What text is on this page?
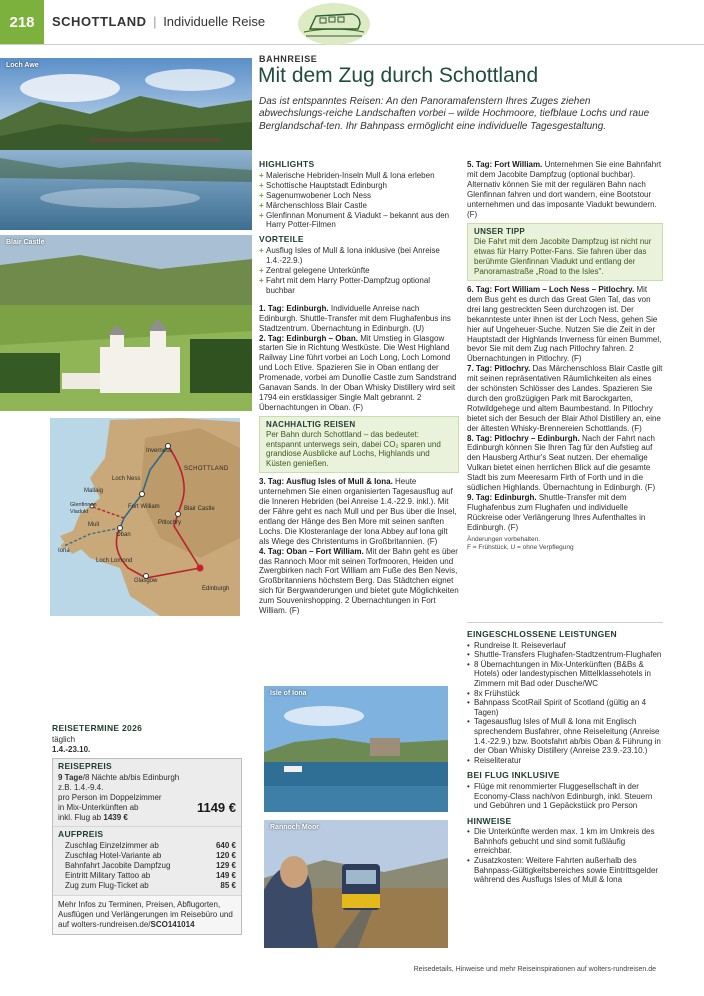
218	SCHOTTLAND | Individuelle Reise
Loch Awe
Blair Castle
Inverness
SCHOTTLAND
Loch Ness
Mallaig
Glenfinnan Viadukt
Fort William	Blair Castle
Pitlochry
Mull
Iona
Oban
Loch Lomond
Glasgow
Edinburgh
BAHNREISE
Mit dem Zug durch Schottland
Das ist entspanntes Reisen: An den Panoramafenstern Ihres Zuges ziehen abwechslungs-reiche Landschaften vorbei – wilde Hochmoore, tiefblaue Lochs und raue Berglandschaf-ten. Ihr Bahnpass ermöglicht eine individuelle Tagesgestaltung.
HIGHLIGHTS
+ Malerische Hebriden-Inseln Mull & Iona erleben
+ Schottische Hauptstadt Edinburgh
+ Sagenumwobener Loch Ness
+ Märchenschloss Blair Castle
+ Glenfinnan Monument & Viadukt – bekannt aus den Harry Potter-Filmen
VORTEILE
+ Ausflug Isles of Mull & Iona inklusive (bei Anreise 1.4.-22.9.)
+ Zentral gelegene Unterkünfte
+ Fahrt mit dem Harry Potter-Dampfzug optional buchbar

1. Tag: Edinburgh. Individuelle Anreise nach Edinburgh. Shuttle-Transfer mit dem Flughafenbus ins Stadtzentrum. Übernachtung in Edinburgh. (U)

2. Tag: Edinburgh – Oban. Mit Umstieg in Glasgow starten Sie in Richtung Westküste. Die West Highland Railway Line führt vorbei an Loch Long, Loch Lomond und Loch Etive. Spazieren Sie in Oban entlang der Promenade, vorbei am Dunollie Castle zum Sandstrand Ganavan Sands. In der Oban Whisky Distillery wird seit 1794 ein erstklassiger Single Malt gebrannt. 2 Übernachtungen in Oban. (F)

NACHHALTIG REISEN

Per Bahn durch Schottland – das bedeutet: entspannt unterwegs sein, dabei CO₂ sparen und grandiose Ausblicke auf Lochs, Highlands und Küsten genießen.

3. Tag: Ausflug Isles of Mull & Iona. Heute unternehmen Sie einen organisierten Tagesausflug auf die Inneren Hebriden (bei Anreise 1.4.-22.9. inkl.). Mit der Fähre geht es nach Mull und per Bus über die Insel, entlang der Hänge des Ben More mit seinen sanften Lochs. Die Klosteranlage der Iona Abbey auf Iona gilt als Wiege des Christentums in Großbritannien. (F)

4. Tag: Oban – Fort William. Mit der Bahn geht es über das Rannoch Moor mit seinen Torfmooren, Heiden und Zwergbirken nach Fort William am Fuße des Ben Nevis, Großbritanniens höchstem Berg. Das Städtchen eignet sich für Bergwanderungen und bietet gute Möglichkeiten zum Souvenirshopping. 2 Übernachtungen in Fort William. (F)

5. Tag: Fort William. Unternehmen Sie eine Bahnfahrt mit dem Jacobite Dampfzug (optional buchbar). Alternativ können Sie mit der regulären Bahn nach Glenfinnan fahren und dort wandern, eine Bootstour unternehmen und das imposante Viadukt bewundern. (F)

UNSER TIPP

Die Fahrt mit dem Jacobite Dampfzug ist nicht nur etwas für Harry Potter-Fans. Sie fahren über das berühmte Glenfinnan Viadukt und entlang der Panoramastraße „Road to the Isles".

6. Tag: Fort William – Loch Ness – Pitlochry. Mit dem Bus geht es durch das Great Glen Tal, das von drei lang gestreckten Seen durchzogen ist. Der bekannteste unter ihnen ist der Loch Ness, gehen Sie hier auf Ungeheuer-Suche. Nutzen Sie die Zeit in der Hauptstadt der Highlands Inverness für einen Bummel, bevor Sie mit dem Zug nach Pitlochry fahren. 2 Übernachtungen in Pitlochry. (F)

7. Tag: Pitlochry. Das Märchenschloss Blair Castle gilt mit seinen repräsentativen Räumlichkeiten als eines der schönsten Schlösser des Landes. Spazieren Sie durch den großzügigen Park mit Barockgarten, Rotwildgehege und altem Baumbestand. In Pitlochry bietet sich der Besuch der Blair Athol Distillery an, eine der ältesten Whisky-Brennereien Schottlands. (F)

8. Tag: Pitlochry – Edinburgh. Nach der Fahrt nach Edinburgh können Sie Ihren Tag für den Aufstieg auf den Hausberg Arthur's Seat nutzen. Der ehemalige Vulkan bietet einen herrlichen Blick auf die gesamte Stadt bis zum Meeresarm Firth of Forth und in die südlichen Highlands. Übernachtung in Edinburgh. (F)

9. Tag: Edinburgh. Shuttle-Transfer mit dem Flughafenbus zum Flughafen und individuelle Rückreise oder Verlängerung Ihres Aufenthaltes in Edinburgh. (F)

Änderungen vorbehalten.
F = Frühstück, U = ohne Verpflegung
EINGESCHLOSSENE LEISTUNGEN
• Rundreise lt. Reiseverlauf
• Shuttle-Transfers Flughafen-Stadtzentrum-Flughafen
• 8 Übernachtungen in Mix-Unterkünften (B&Bs & Hotels) oder landestypischen Mittelklassehotels in Zimmern mit Bad oder Dusche/WC
• 8x Frühstück
• Bahnpass ScotRail Spirit of Scotland (gültig an 4 Tagen)
• Tagesausflug Isles of Mull & Iona mit Englisch sprechendem Busfahrer, ohne Reiseleitung (Anreise 1.4.-22.9.) bzw. Bootsfahrt ab/bis Oban & Führung in der Oban Whisky Distillery (Anreise 23.9.-23.10.)
• Reiseliteratur
BEI FLUG INKLUSIVE
• Flüge mit renommierter Fluggesellschaft in der Economy-Class nach/von Edinburgh, inkl. Steuern und Gebühren und 1 Gepäckstück pro Person
HINWEISE
• Die Unterkünfte werden max. 1 km im Umkreis des Bahnhofs gebucht und sind somit fußläufig erreichbar.
• Zusatzkosten: Weitere Fahrten außerhalb des Bahnpass-Gültigkeitsbereiches sowie Eintrittsgelder während des Ausflugs Isles of Mull & Iona
Isle of Iona
Rannoch Moor
REISETERMINE 2026
täglich
1.4.-23.10.
REISEPREIS
9 Tage/8 Nächte ab/bis Edinburgh
z.B. 1.4.-9.4.
pro Person im Doppelzimmer
in Mix-Unterkünften ab	1149 €
inkl. Flug ab 1439 €
AUFPREIS
Zuschlag Einzelzimmer ab	640 €
Zuschlag Hotel-Variante ab	120 €
Bahnfahrt Jacobite Dampfzug	129 €
Eintritt Military Tattoo ab	149 €
Zug zum Flug-Ticket ab	85 €
Mehr Infos zu Terminen, Preisen, Abflugorten, Ausflügen und Verlängerungen im Reisebüro und auf wolters-rundreisen.de/SCO141014
Reisedetails, Hinweise und mehr Reiseinspirationen auf wolters-rundreisen.de
